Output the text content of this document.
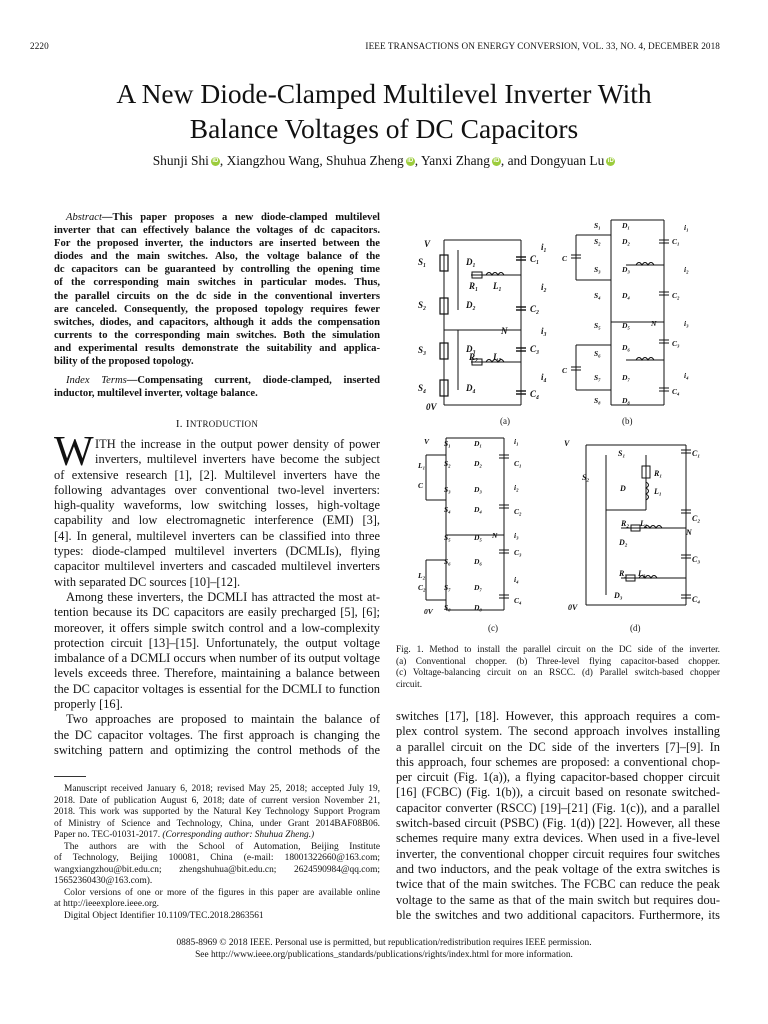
2220	IEEE TRANSACTIONS ON ENERGY CONVERSION, VOL. 33, NO. 4, DECEMBER 2018
A New Diode-Clamped Multilevel Inverter With
Balance Voltages of DC Capacitors
Shunji Shi iD , Xiangzhou Wang, Shuhua Zheng iD , Yanxi Zhang iD , and Dongyuan Lu iD
Abstract—This paper proposes a new diode-clamped multilevel
inverter that can effectively balance the voltages of dc capacitors.
For the proposed inverter, the inductors are inserted between the
diodes and the main switches. Also, the voltage balance of the
dc capacitors can be guaranteed by controlling the opening time
of the corresponding main switches in particular modes. Thus,
the parallel circuits on the dc side in the conventional inverters
are canceled. Consequently, the proposed topology requires fewer
switches, diodes, and capacitors, although it adds the compensation
currents to the corresponding main switches. Both the simulation
and experimental results demonstrate the suitability and applica-
bility of the proposed topology.
Index Terms—Compensating current, diode-clamped, inserted
inductor, multilevel inverter, voltage balance.
I. INTRODUCTION
W ITH the increase in the output power density of power
inverters, multilevel inverters have become the subject
of extensive research [1], [2]. Multilevel inverters have the
following advantages over conventional two-level inverters:
high-quality waveforms, low switching losses, high-voltage
capability and low electromagnetic interference (EMI) [3],
[4]. In general, multilevel inverters can be classified into three
types: diode-clamped multilevel inverters (DCMLIs), flying
capacitor multilevel inverters and cascaded multilevel inverters
with separated DC sources [10]–[12].
Among these inverters, the DCMLI has attracted the most at-
tention because its DC capacitors are easily precharged [5], [6];
moreover, it offers simple switch control and a low-complexity
protection circuit [13]–[15]. Unfortunately, the output voltage
imbalance of a DCMLI occurs when number of its output voltage
levels exceeds three. Therefore, maintaining a balance between
the DC capacitor voltages is essential for the DCMLI to function
properly [16].
Two approaches are proposed to maintain the balance of
the DC capacitor voltages. The first approach is changing the
switching pattern and optimizing the control methods of the
Manuscript received January 6, 2018; revised May 25, 2018; accepted July 19,
2018. Date of publication August 6, 2018; date of current version November 21,
2018. This work was supported by the Natural Key Technology Support Program
of Ministry of Science and Technology, China, under Grant 2014BAF08B06.
Paper no. TEC-01031-2017. (Corresponding author: Shuhua Zheng.)
The authors are with the School of Automation, Beijing Institute
of Technology, Beijing 100081, China (e-mail: 18001322660@163.com;
wangxiangzhou@bit.edu.cn; zhengshuhua@bit.edu.cn; 2624590984@qq.com;
15652360430@163.com).
Color versions of one or more of the figures in this paper are available online
at http://ieeexplore.ieee.org.
Digital Object Identifier 10.1109/TEC.2018.2863561
V
S₁
S₂
S₃
S₄
D₁
D₂
D₃
D₄
R₁ L₁
R₂ L₂
C₁
C₂
C₃
C₄
i₁
i₂
i₃
i₄
N
0V
(a)
S₁
S₂
S₃
S₄
S₅
S₆
S₇
S₈
D₁
D₂
D₃
D₄
D₅
D₆
D₇
D₈
C
C
C₁
C₂
C₃
C₄
i₁
i₂
i₃
i₄
N
(b)
V S₁
S₂
S₃
S₄
S₅
S₆
S₇
S₈
D₁
D₂
D₃
D₄
D₅
D₆
D₇
D₈
L₁
C
L₂
C₂
C₁
C₂
C₃
C₄
i₁
i₂
i₃
i₄
N
0V
(c)
V
S₁
S₂	R₁
L₁
D
R₂ L₂
D₂
R₃ L₃
D₃
C₁
C₂
C₃
C₄
N
0V
(d)
Fig. 1. Method to install the parallel circuit on the DC side of the inverter.
(a) Conventional chopper. (b) Three-level flying capacitor-based chopper.
(c) Voltage-balancing circuit on an RSCC. (d) Parallel switch-based chopper
circuit.
switches [17], [18]. However, this approach requires a com-
plex control system. The second approach involves installing
a parallel circuit on the DC side of the inverters [7]–[9]. In
this approach, four schemes are proposed: a conventional chop-
per circuit (Fig. 1(a)), a flying capacitor-based chopper circuit
[16] (FCBC) (Fig. 1(b)), a circuit based on resonate switched-
capacitor converter (RSCC) [19]–[21] (Fig. 1(c)), and a parallel
switch-based circuit (PSBC) (Fig. 1(d)) [22]. However, all these
schemes require many extra devices. When used in a five-level
inverter, the conventional chopper circuit requires four switches
and two inductors, and the peak voltage of the extra switches is
twice that of the main switches. The FCBC can reduce the peak
voltage to the same as that of the main switch but requires dou-
ble the switches and two additional capacitors. Furthermore, its
0885-8969 © 2018 IEEE. Personal use is permitted, but republication/redistribution requires IEEE permission.
See http://www.ieee.org/publications_standards/publications/rights/index.html for more information.
